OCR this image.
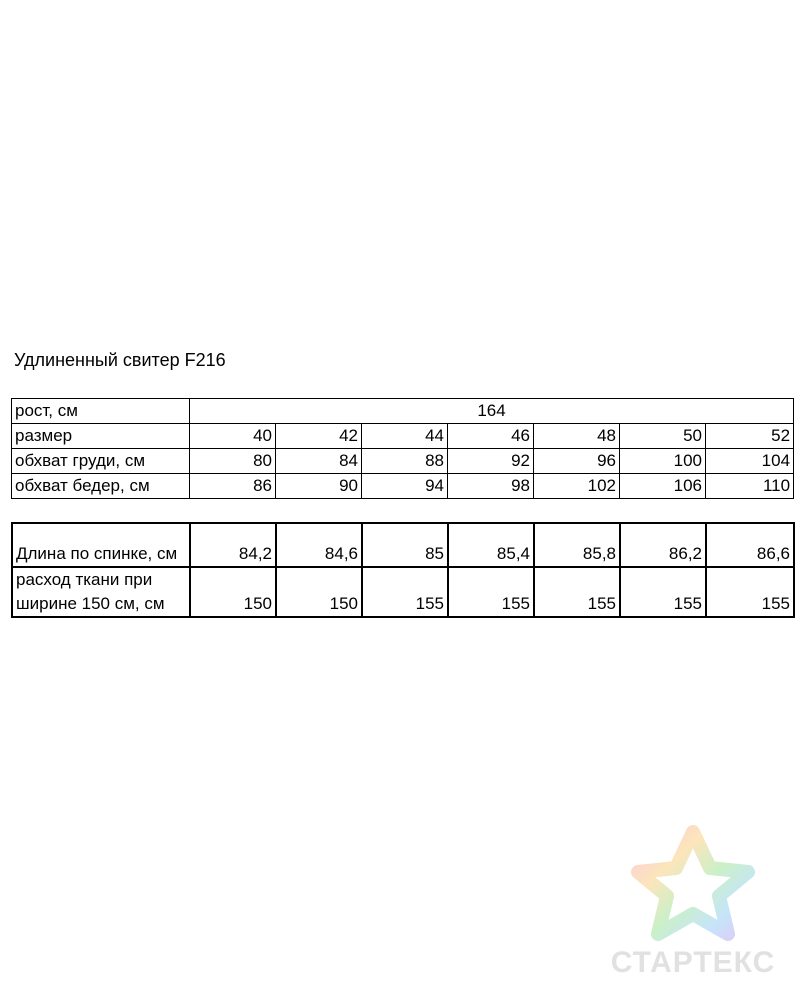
Удлиненный свитер F216
рост, см	164						
размер	40	42	44	46	48	50	52
обхват груди, см	80	84	88	92	96	100	104
обхват бедер, см	86	90	94	98	102	106	110
Длина по спинке, см	84,2	84,6	85	85,4	85,8	86,2	86,6
расход ткани при							
ширине 150 см, см	150	150	155	155	155	155	155
СТАРТЕКС
